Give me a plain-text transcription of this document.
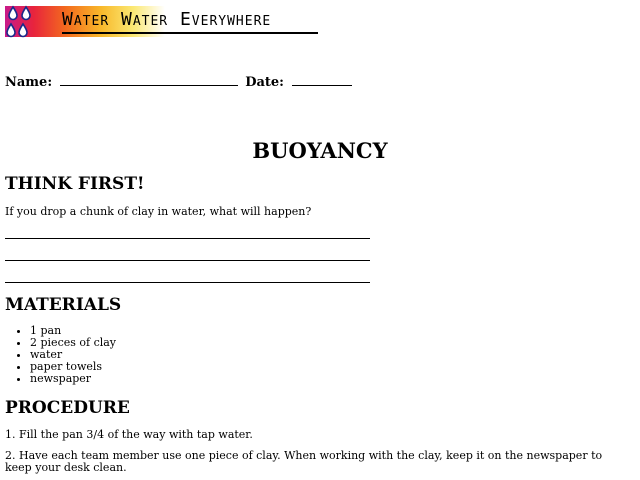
Water Water Everywhere
Name:	Date:
BUOYANCY
THINK FIRST!
If you drop a chunk of clay in water, what will happen?
MATERIALS
• 1 pan
• 2 pieces of clay
• water
• paper towels
• newspaper
PROCEDURE
1. Fill the pan 3/4 of the way with tap water.
2. Have each team member use one piece of clay. When working with the clay, keep it on the newspaper to keep your desk clean.
